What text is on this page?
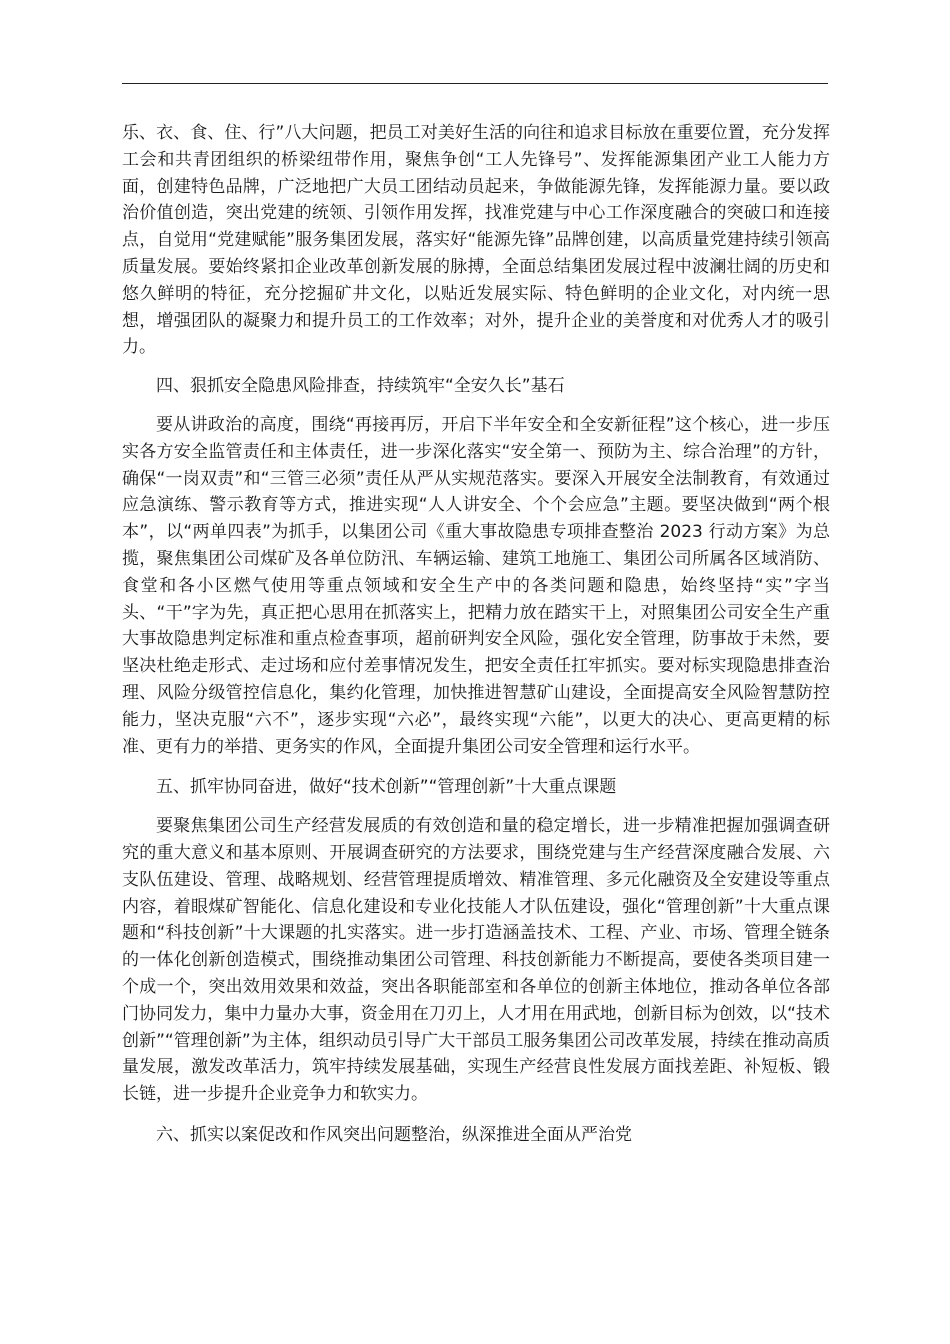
乐、衣、食、住、行”八大问题，把员工对美好生活的向往和追求目标放在重要位置，充分发挥工会和共青团组织的桥梁纽带作用，聚焦争创“工人先锋号”、发挥能源集团产业工人能力方面，创建特色品牌，广泛地把广大员工团结动员起来，争做能源先锋，发挥能源力量。要以政治价值创造，突出党建的统领、引领作用发挥，找准党建与中心工作深度融合的突破口和连接点，自觉用“党建赋能”服务集团发展，落实好“能源先锋”品牌创建，以高质量党建持续引领高质量发展。要始终紧扣企业改革创新发展的脉搏，全面总结集团发展过程中波澜壮阔的历史和悠久鲜明的特征，充分挖掘矿井文化，以贴近发展实际、特色鲜明的企业文化，对内统一思想，增强团队的凝聚力和提升员工的工作效率；对外，提升企业的美誉度和对优秀人才的吸引力。

四、狠抓安全隐患风险排查，持续筑牢“全安久长”基石

要从讲政治的高度，围绕“再接再厉，开启下半年安全和全安新征程”这个核心，进一步压实各方安全监管责任和主体责任，进一步深化落实“安全第一、预防为主、综合治理”的方针，确保“一岗双责”和“三管三必须”责任从严从实规范落实。要深入开展安全法制教育，有效通过应急演练、警示教育等方式，推进实现“人人讲安全、个个会应急”主题。要坚决做到“两个根本”，以“两单四表”为抓手，以集团公司《重大事故隐患专项排查整治 2023 行动方案》为总揽，聚焦集团公司煤矿及各单位防汛、车辆运输、建筑工地施工、集团公司所属各区域消防、食堂和各小区燃气使用等重点领域和安全生产中的各类问题和隐患，始终坚持“实”字当头、“干”字为先，真正把心思用在抓落实上，把精力放在踏实干上，对照集团公司安全生产重大事故隐患判定标准和重点检查事项，超前研判安全风险，强化安全管理，防事故于未然，要坚决杜绝走形式、走过场和应付差事情况发生，把安全责任扛牢抓实。要对标实现隐患排查治理、风险分级管控信息化，集约化管理，加快推进智慧矿山建设，全面提高安全风险智慧防控能力，坚决克服“六不”，逐步实现“六必”，最终实现“六能”，以更大的决心、更高更精的标准、更有力的举措、更务实的作风，全面提升集团公司安全管理和运行水平。

五、抓牢协同奋进，做好“技术创新”“管理创新”十大重点课题

要聚焦集团公司生产经营发展质的有效创造和量的稳定增长，进一步精准把握加强调查研究的重大意义和基本原则、开展调查研究的方法要求，围绕党建与生产经营深度融合发展、六支队伍建设、管理、战略规划、经营管理提质增效、精准管理、多元化融资及全安建设等重点内容，着眼煤矿智能化、信息化建设和专业化技能人才队伍建设，强化“管理创新”十大重点课题和“科技创新”十大课题的扎实落实。进一步打造涵盖技术、工程、产业、市场、管理全链条的一体化创新创造模式，围绕推动集团公司管理、科技创新能力不断提高，要使各类项目建一个成一个，突出效用效果和效益，突出各职能部室和各单位的创新主体地位，推动各单位各部门协同发力，集中力量办大事，资金用在刀刃上，人才用在用武地，创新目标为创效，以“技术创新”“管理创新”为主体，组织动员引导广大干部员工服务集团公司改革发展，持续在推动高质量发展，激发改革活力，筑牢持续发展基础，实现生产经营良性发展方面找差距、补短板、锻长链，进一步提升企业竞争力和软实力。

六、抓实以案促改和作风突出问题整治，纵深推进全面从严治党
